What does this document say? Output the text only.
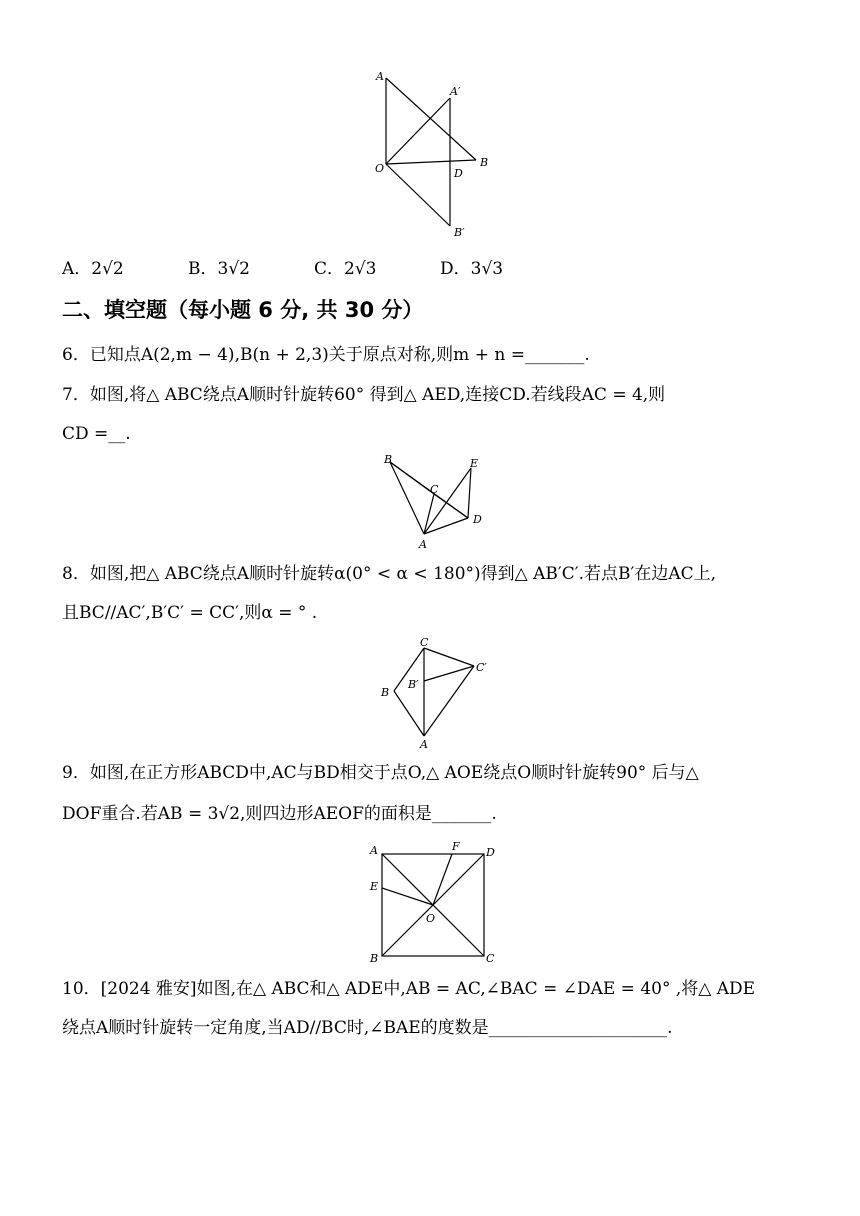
A
A′
O	B
D
B′
A．2√2	B．3√2	C．2√3	D．3√3
二、填空题（每小题 6 分, 共 30 分）
6．已知点A(2,m − 4),B(n + 2,3)关于原点对称,则m + n =_______.
7．如图,将△ ABC绕点A顺时针旋转60° 得到△ AED,连接CD.若线段AC = 4,则
CD =__.
B
C
E
D
A
8．如图,把△ ABC绕点A顺时针旋转α(0° < α < 180°)得到△ AB′C′.若点B′在边AC上,
且BC//AC′,B′C′ = CC′,则α = ° .
C
C′
B′
B
A
9．如图,在正方形ABCD中,AC与BD相交于点O,△ AOE绕点O顺时针旋转90° 后与△
DOF重合.若AB = 3√2,则四边形AEOF的面积是_______.
A	F D
E
O
B	C
10．[2024 雅安]如图,在△ ABC和△ ADE中,AB = AC,∠BAC = ∠DAE = 40° ,将△ ADE
绕点A顺时针旋转一定角度,当AD//BC时,∠BAE的度数是_____________________.
